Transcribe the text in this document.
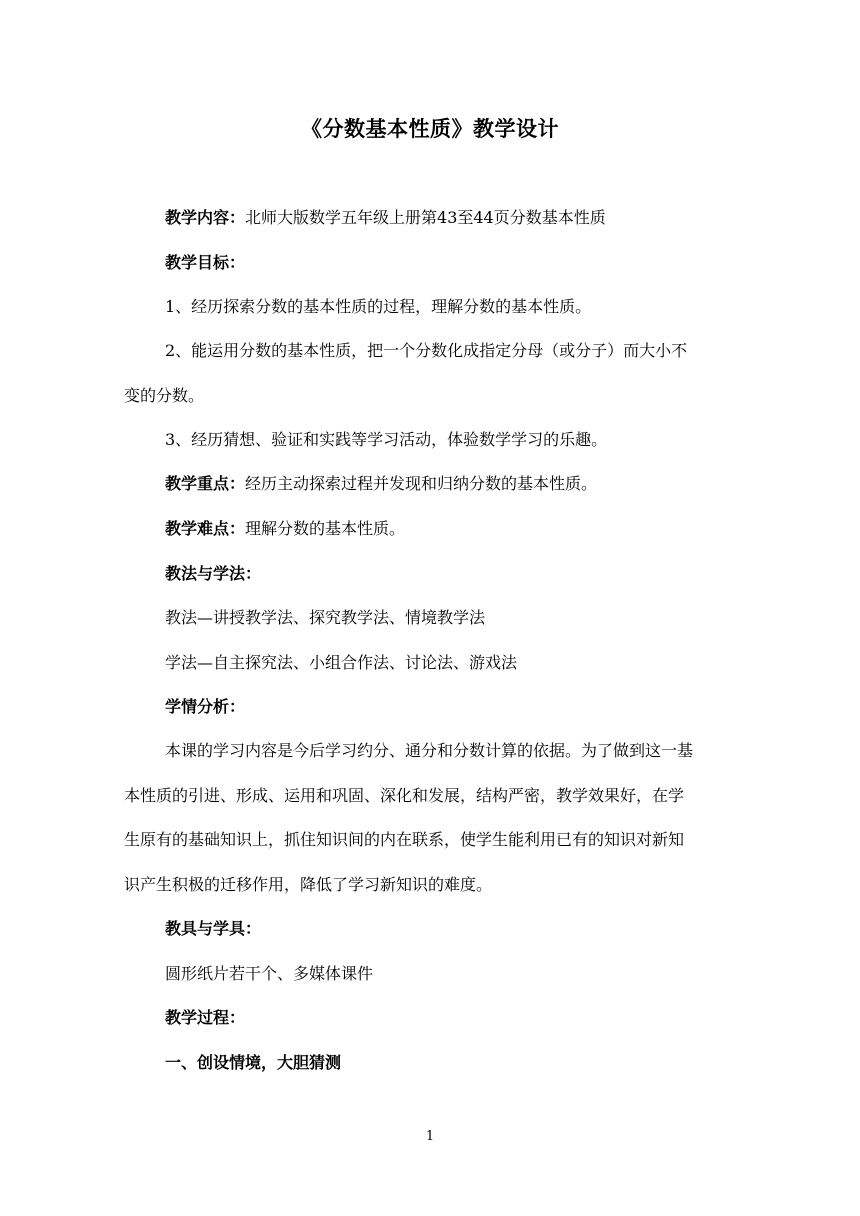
《分数基本性质》教学设计
教学内容：北师大版数学五年级上册第43至44页分数基本性质
教学目标：
1、经历探索分数的基本性质的过程，理解分数的基本性质。
2、能运用分数的基本性质，把一个分数化成指定分母（或分子）而大小不
变的分数。
3、经历猜想、验证和实践等学习活动，体验数学学习的乐趣。
教学重点：经历主动探索过程并发现和归纳分数的基本性质。
教学难点：理解分数的基本性质。
教法与学法：
教法—讲授教学法、探究教学法、情境教学法
学法—自主探究法、小组合作法、讨论法、游戏法
学情分析：
本课的学习内容是今后学习约分、通分和分数计算的依据。为了做到这一基
本性质的引进、形成、运用和巩固、深化和发展，结构严密，教学效果好，在学
生原有的基础知识上，抓住知识间的内在联系，使学生能利用已有的知识对新知
识产生积极的迁移作用，降低了学习新知识的难度。
教具与学具：
圆形纸片若干个、多媒体课件
教学过程：
一、创设情境，大胆猜测
1
